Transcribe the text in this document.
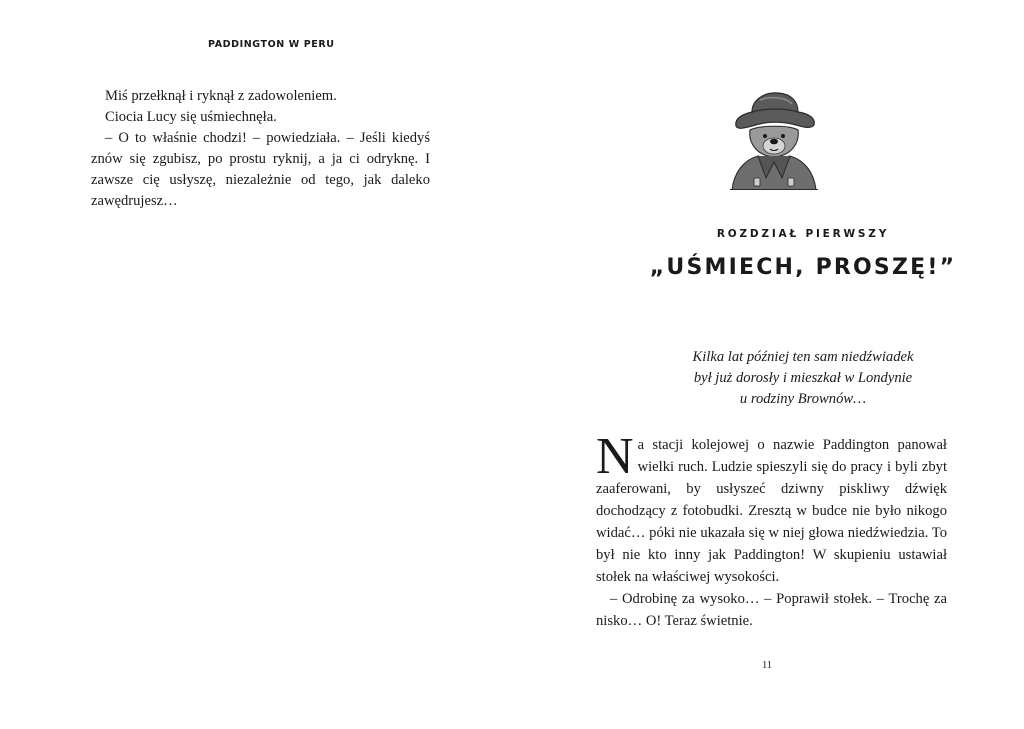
PADDINGTON W PERU

Miś przełknął i ryknął z zadowoleniem.

Ciocia Lucy się uśmiechnęła.

– O to właśnie chodzi! – powiedziała. – Jeśli kiedyś znów się zgubisz, po prostu ryknij, a ja ci odryknę. I zawsze cię usłyszę, niezależnie od tego, jak daleko zawędrujesz…

ROZDZIAŁ PIERWSZY
„UŚMIECH, PROSZĘ!”
Kilka lat później ten sam niedźwiadek
był już dorosły i mieszkał w Londynie
u rodziny Brownów…

Na stacji kolejowej o nazwie Paddington panował wielki ruch. Ludzie spieszyli się do pracy i byli zbyt zaaferowani, by usłyszeć dziwny piskliwy dźwięk dochodzący z fotobudki. Zresztą w budce nie było nikogo widać… póki nie ukazała się w niej głowa niedźwiedzia. To był nie kto inny jak Paddington! W skupieniu ustawiał stołek na właściwej wysokości.

– Odrobinę za wysoko… – Poprawił stołek. – Trochę za nisko… O! Teraz świetnie.

11
